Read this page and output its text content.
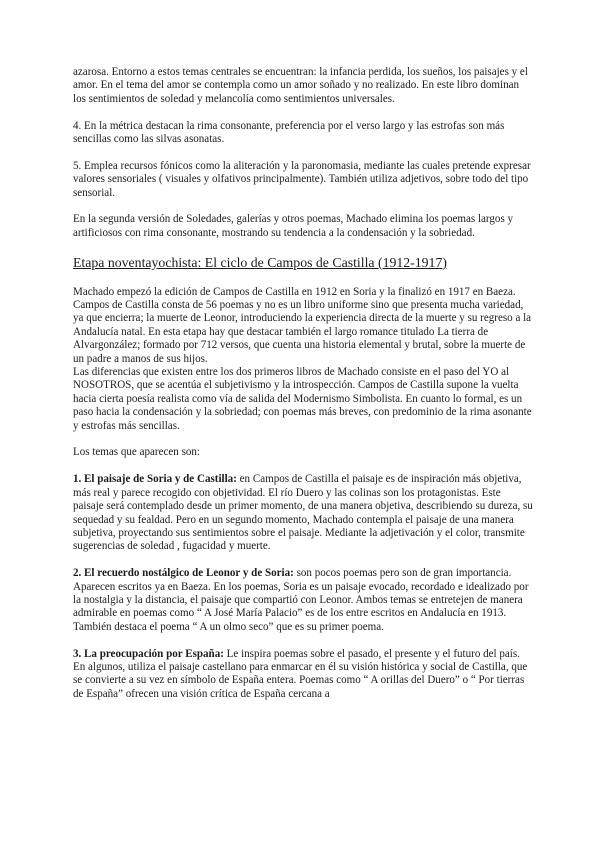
azarosa. Entorno a estos temas centrales se encuentran: la infancia perdida, los sueños, los paisajes y el amor. En el tema del amor se contempla como un amor soñado y no realizado. En este libro dominan los sentimientos de soledad y melancolía como sentimientos universales.

4. En la métrica destacan la rima consonante, preferencia por el verso largo y las estrofas son más sencillas como las silvas asonatas.

5. Emplea recursos fónicos como la aliteración y la paronomasia, mediante las cuales pretende expresar valores sensoriales ( visuales y olfativos principalmente). También utiliza adjetivos, sobre todo del tipo sensorial.

En la segunda versión de Soledades, galerías y otros poemas, Machado elimina los poemas largos y artificiosos con rima consonante, mostrando su tendencia a la condensación y la sobriedad.

Etapa noventayochista: El ciclo de Campos de Castilla (1912-1917)

Machado empezó la edición de Campos de Castilla en 1912 en Soria y la finalizó en 1917 en Baeza. Campos de Castilla consta de 56 poemas y no es un libro uniforme sino que presenta mucha variedad, ya que encierra; la muerte de Leonor, introduciendo la experiencia directa de la muerte y su regreso a la Andalucía natal. En esta etapa hay que destacar también el largo romance titulado La tierra de Alvargonzález; formado por 712 versos, que cuenta una historia elemental y brutal, sobre la muerte de un padre a manos de sus hijos.

Las diferencias que existen entre los dos primeros libros de Machado consiste en el paso del YO al NOSOTROS, que se acentúa el subjetivismo y la introspección. Campos de Castilla supone la vuelta hacia cierta poesía realista como vía de salida del Modernismo Simbolista. En cuanto lo formal, es un paso hacia la condensación y la sobriedad; con poemas más breves, con predominio de la rima asonante y estrofas más sencillas.

Los temas que aparecen son:

1. El paisaje de Soria y de Castilla: en Campos de Castilla el paisaje es de inspiración más objetiva, más real y parece recogido con objetividad. El río Duero y las colinas son los protagonistas. Este paisaje será contemplado desde un primer momento, de una manera objetiva, describiendo su dureza, su sequedad y su fealdad. Pero en un segundo momento, Machado contempla el paisaje de una manera subjetiva, proyectando sus sentimientos sobre el paisaje. Mediante la adjetivación y el color, transmite sugerencias de soledad , fugacidad y muerte.

2. El recuerdo nostálgico de Leonor y de Soria: son pocos poemas pero son de gran importancia. Aparecen escritos ya en Baeza. En los poemas, Soria es un paisaje evocado, recordado e idealizado por la nostalgia y la distancia, el paisaje que compartió con Leonor. Ambos temas se entretejen de manera admirable en poemas como “ A José María Palacio” es de los entre escritos en Andalucía en 1913. También destaca el poema “ A un olmo seco” que es su primer poema.

3. La preocupación por España: Le inspira poemas sobre el pasado, el presente y el futuro del país. En algunos, utiliza el paisaje castellano para enmarcar en él su visión histórica y social de Castilla, que se convierte a su vez en símbolo de España entera. Poemas como “ A orillas del Duero” o “ Por tierras de España” ofrecen una visión crítica de España cercana a
